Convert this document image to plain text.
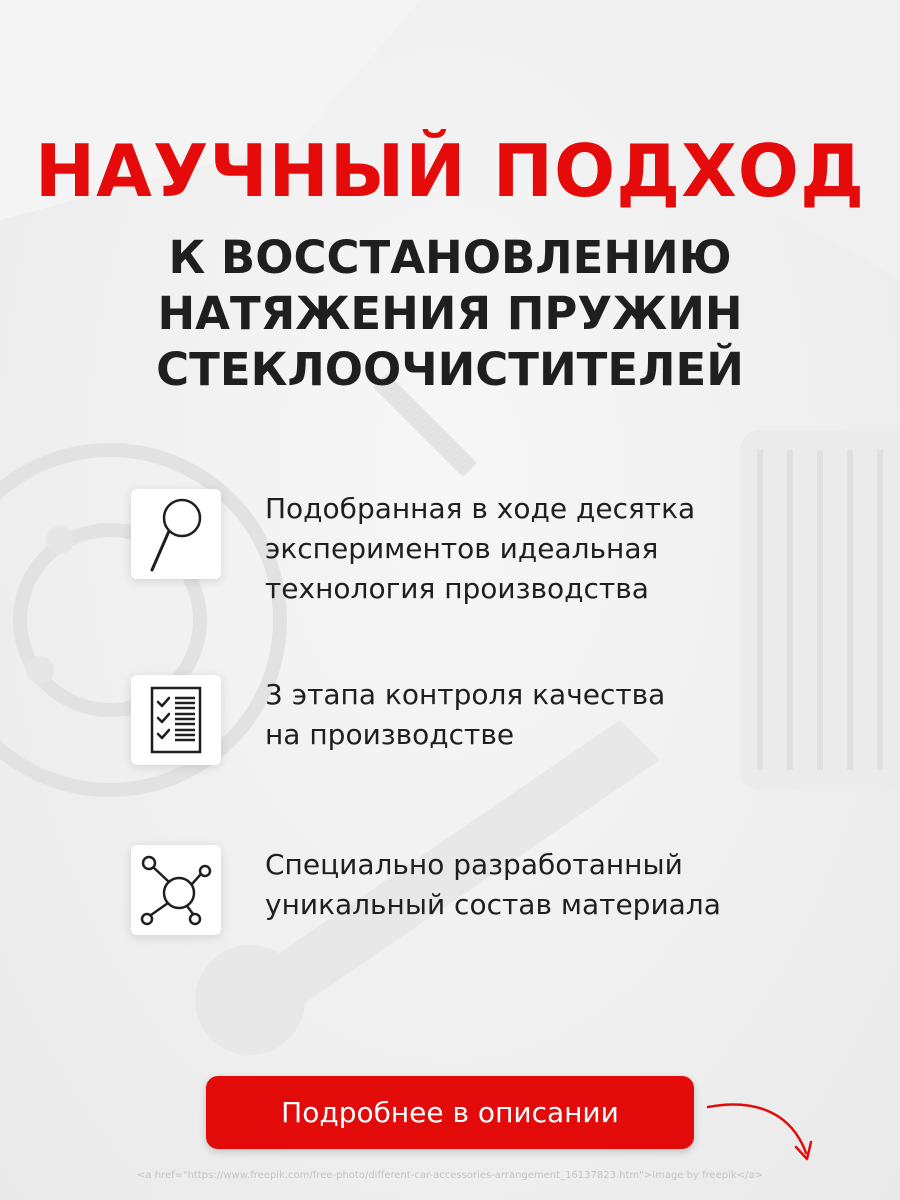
НАУЧНЫЙ ПОДХОД
К ВОССТАНОВЛЕНИЮ
НАТЯЖЕНИЯ ПРУЖИН
СТЕКЛООЧИСТИТЕЛЕЙ

Подобранная в ходе десятка
экспериментов идеальная
технология производства

3 этапа контроля качества
на производстве

Специально разработанный
уникальный состав материала

Подробнее в описании

<a href="https://www.freepik.com/free-photo/different-car-accessories-arrangement_16137823.htm">Image by freepik</a>
